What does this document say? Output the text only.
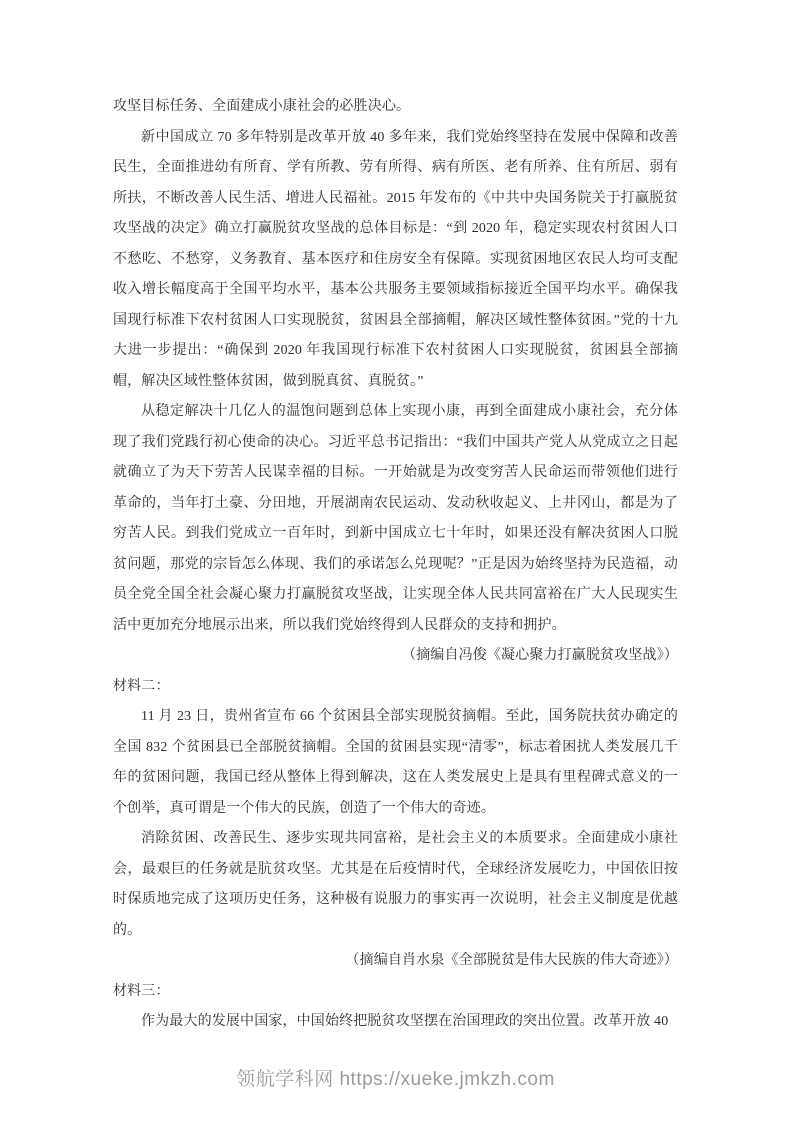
攻坚目标任务、全面建成小康社会的必胜决心。

新中国成立 70 多年特别是改革开放 40 多年来，我们党始终坚持在发展中保障和改善民生，全面推进幼有所育、学有所教、劳有所得、病有所医、老有所养、住有所居、弱有所扶，不断改善人民生活、增进人民福祉。2015 年发布的《中共中央国务院关于打赢脱贫攻坚战的决定》确立打赢脱贫攻坚战的总体目标是：“到 2020 年，稳定实现农村贫困人口不愁吃、不愁穿，义务教育、基本医疗和住房安全有保障。实现贫困地区农民人均可支配收入增长幅度高于全国平均水平，基本公共服务主要领域指标接近全国平均水平。确保我国现行标准下农村贫困人口实现脱贫，贫困县全部摘帽，解决区域性整体贫困。”党的十九大进一步提出：“确保到 2020 年我国现行标准下农村贫困人口实现脱贫，贫困县全部摘帽，解决区域性整体贫困，做到脱真贫、真脱贫。”

从稳定解决十几亿人的温饱问题到总体上实现小康，再到全面建成小康社会，充分体现了我们党践行初心使命的决心。习近平总书记指出：“我们中国共产党人从党成立之日起就确立了为天下劳苦人民谋幸福的目标。一开始就是为改变穷苦人民命运而带领他们进行革命的，当年打土豪、分田地，开展湖南农民运动、发动秋收起义、上井冈山，都是为了穷苦人民。到我们党成立一百年时，到新中国成立七十年时，如果还没有解决贫困人口脱贫问题，那党的宗旨怎么体现、我们的承诺怎么兑现呢？”正是因为始终坚持为民造福，动员全党全国全社会凝心聚力打赢脱贫攻坚战，让实现全体人民共同富裕在广大人民现实生活中更加充分地展示出来，所以我们党始终得到人民群众的支持和拥护。

（摘编自冯俊《凝心聚力打赢脱贫攻坚战》）

材料二：

11 月 23 日，贵州省宣布 66 个贫困县全部实现脱贫摘帽。至此，国务院扶贫办确定的全国 832 个贫困县已全部脱贫摘帽。全国的贫困县实现“清零”，标志着困扰人类发展几千年的贫困问题，我国已经从整体上得到解决，这在人类发展史上是具有里程碑式意义的一个创举，真可谓是一个伟大的民族，创造了一个伟大的奇迹。

消除贫困、改善民生、逐步实现共同富裕，是社会主义的本质要求。全面建成小康社会，最艰巨的任务就是肮贫攻坚。尤其是在后疫情时代，全球经济发展吃力，中国依旧按时保质地完成了这项历史任务，这种极有说服力的事实再一次说明，社会主义制度是优越的。

（摘编自肖水泉《全部脱贫是伟大民族的伟大奇迹》）

材料三：

作为最大的发展中国家，中国始终把脱贫攻坚摆在治国理政的突出位置。改革开放 40

领航学科网 https://xueke.jmkzh.com
